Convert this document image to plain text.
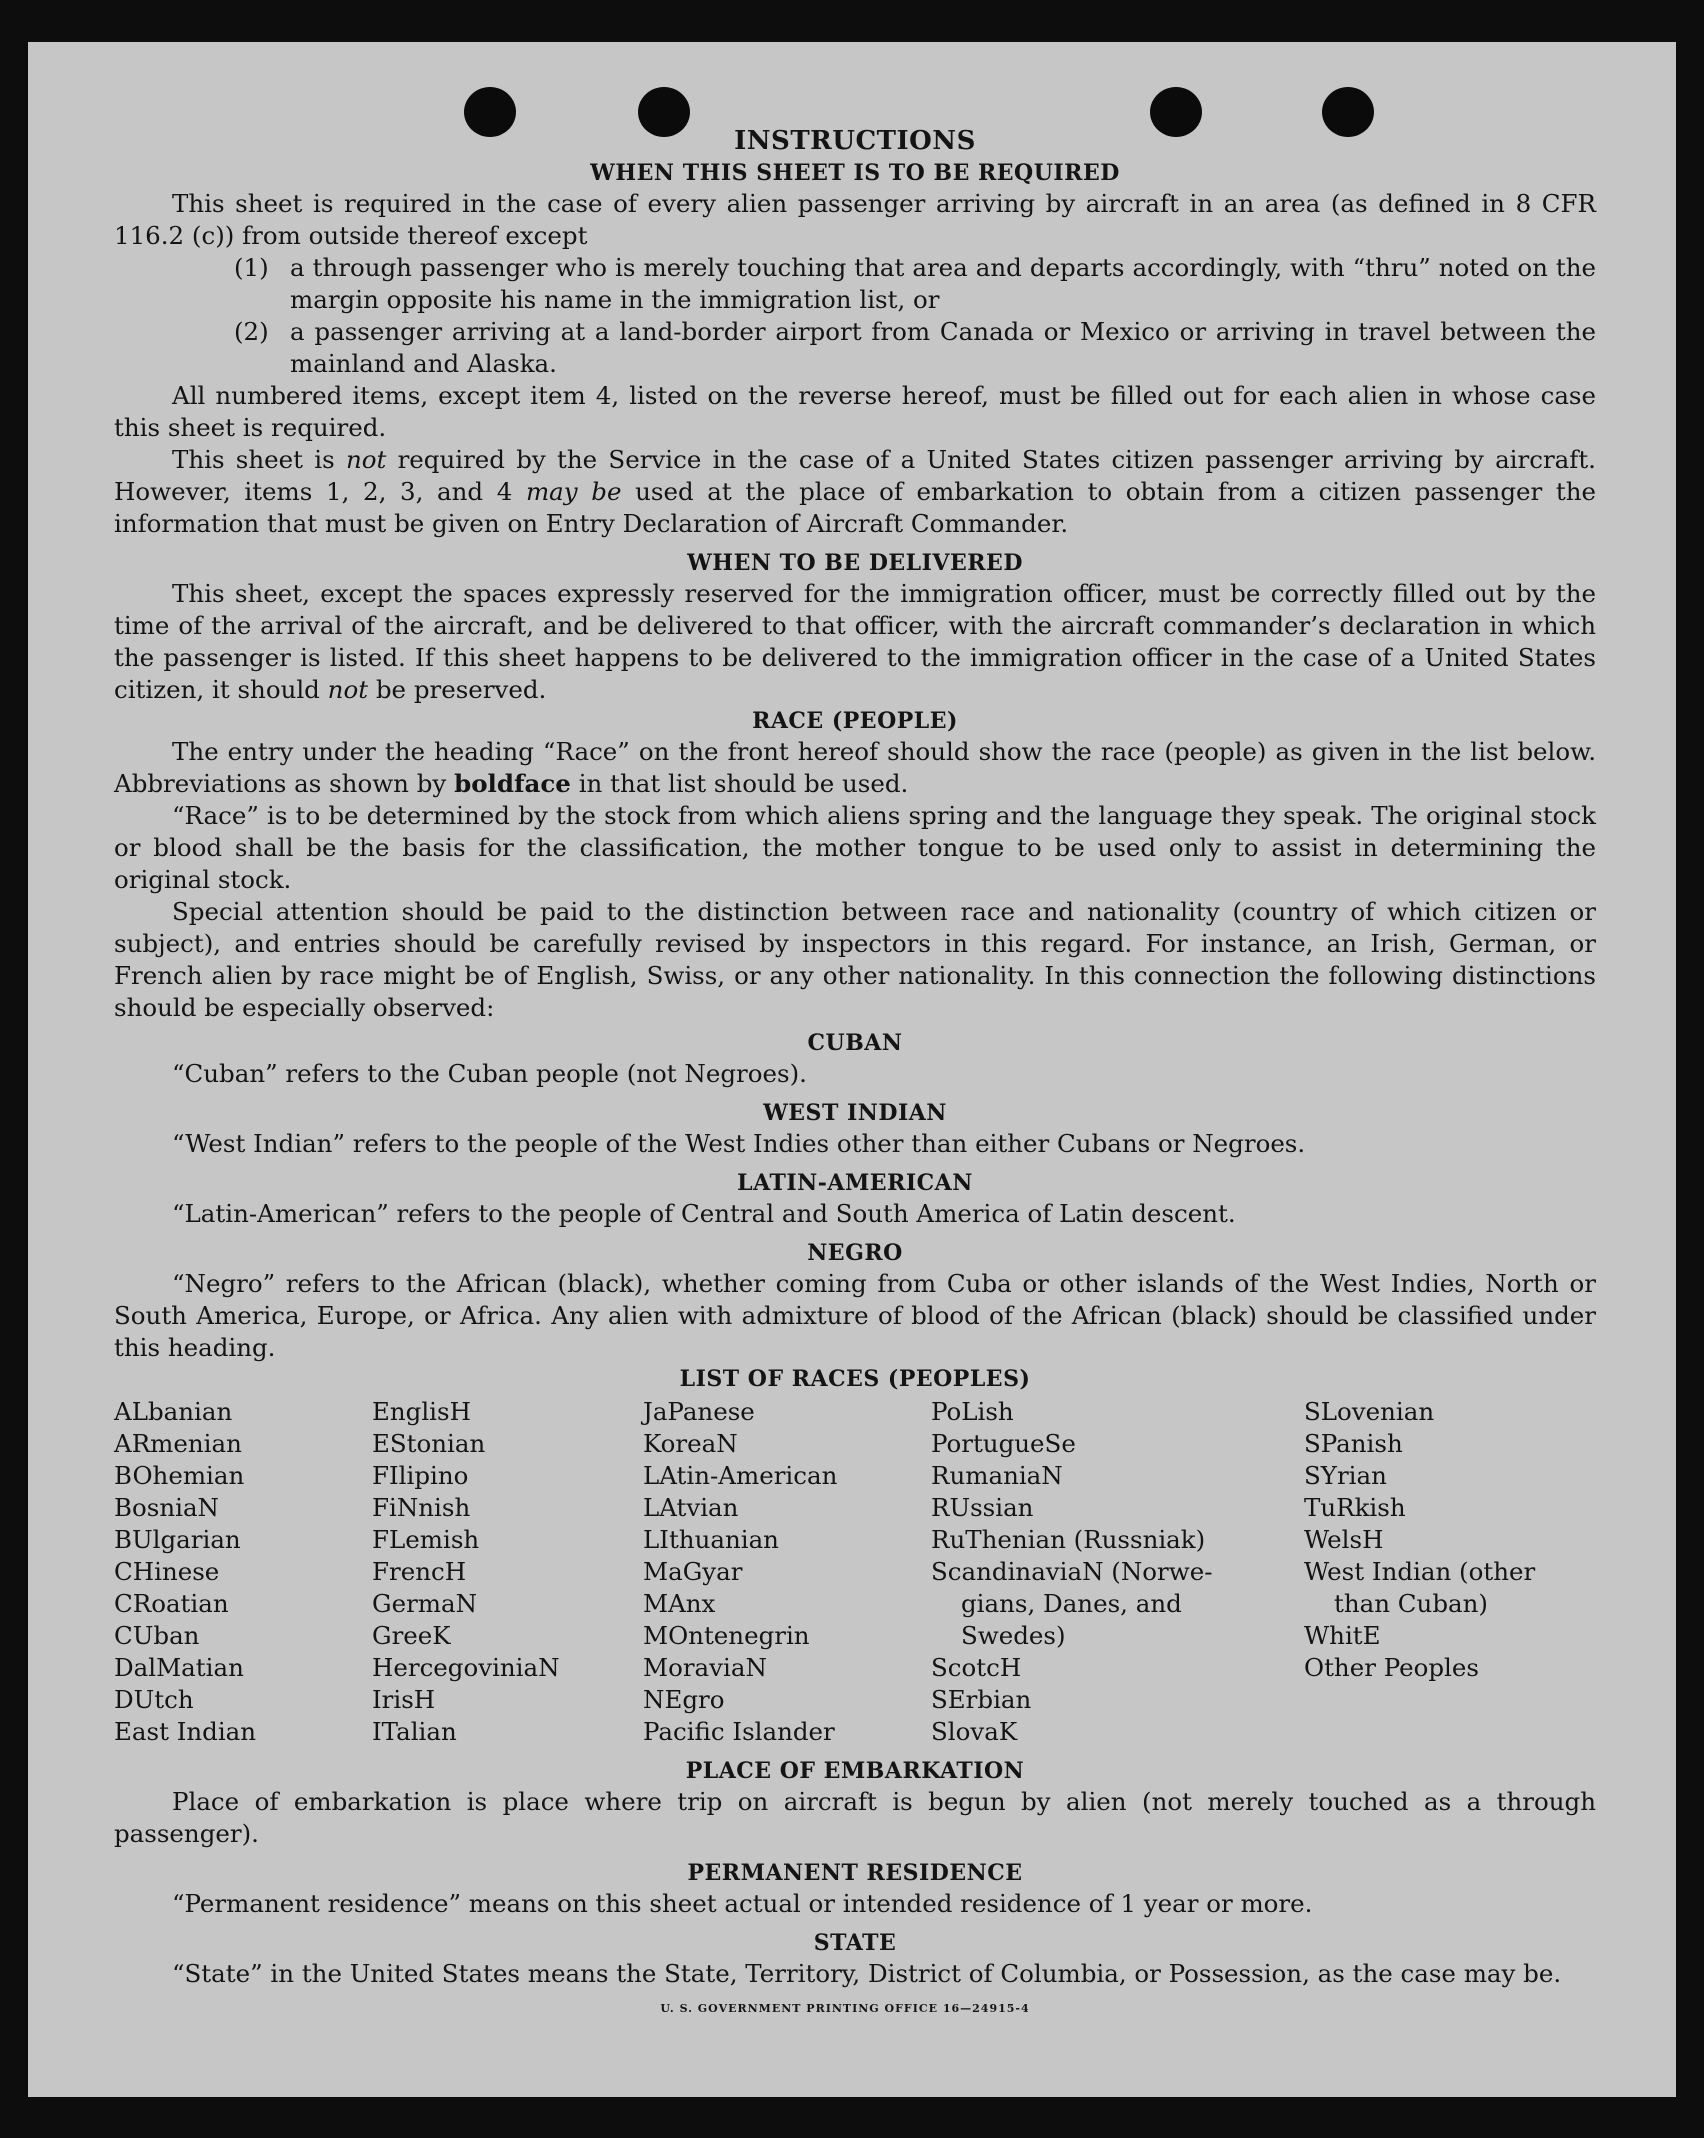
INSTRUCTIONS
WHEN THIS SHEET IS TO BE REQUIRED

This sheet is required in the case of every alien passenger arriving by aircraft in an area (as defined in 8 CFR 116.2 (c)) from outside thereof except

(1) a through passenger who is merely touching that area and departs accordingly, with “thru” noted on the margin opposite his name in the immigration list, or
(2) a passenger arriving at a land-border airport from Canada or Mexico or arriving in travel between the mainland and Alaska.

All numbered items, except item 4, listed on the reverse hereof, must be filled out for each alien in whose case this sheet is required.

This sheet is not required by the Service in the case of a United States citizen passenger arriving by aircraft. However, items 1, 2, 3, and 4 may be used at the place of embarkation to obtain from a citizen passenger the information that must be given on Entry Declaration of Aircraft Commander.

WHEN TO BE DELIVERED

This sheet, except the spaces expressly reserved for the immigration officer, must be correctly filled out by the time of the arrival of the aircraft, and be delivered to that officer, with the aircraft commander’s declaration in which the passenger is listed. If this sheet happens to be delivered to the immigration officer in the case of a United States citizen, it should not be preserved.

RACE (PEOPLE)

The entry under the heading “Race” on the front hereof should show the race (people) as given in the list below. Abbreviations as shown by boldface in that list should be used.

“Race” is to be determined by the stock from which aliens spring and the language they speak. The original stock or blood shall be the basis for the classification, the mother tongue to be used only to assist in determining the original stock.

Special attention should be paid to the distinction between race and nationality (country of which citizen or subject), and entries should be carefully revised by inspectors in this regard. For instance, an Irish, German, or French alien by race might be of English, Swiss, or any other nationality. In this connection the following distinctions should be especially observed:

CUBAN

“Cuban” refers to the Cuban people (not Negroes).

WEST INDIAN

“West Indian” refers to the people of the West Indies other than either Cubans or Negroes.

LATIN-AMERICAN

“Latin-American” refers to the people of Central and South America of Latin descent.

NEGRO

“Negro” refers to the African (black), whether coming from Cuba or other islands of the West Indies, North or South America, Europe, or Africa. Any alien with admixture of blood of the African (black) should be classified under this heading.

LIST OF RACES (PEOPLES)
ALbanian
ARmenian
BOhemian
BosniaN
BUlgarian
CHinese
CRoatian
CUban
DalMatian
DUtch
East Indian
EnglisH
EStonian
FIlipino
FiNnish
FLemish
FrencH
GermaN
GreeK
HercegovinіaN
IrisH
ITalian
JaPanese
KoreaN
LAtin-American
LAtvian
LIthuanian
MaGyar
MAnx
MOntenegrin
MoraviaN
NEgro
Pacific Islander
PoLish
PortugueSe
RumaniaN
RUssian
RuThenian (Russniak)
ScandinaviaN (Norwe-
gians, Danes, and
Swedes)
ScotcH
SErbian
SlovaK
SLovenian
SPanish
SYrian
TuRkish
WelsH
West Indian (other
than Cuban)
WhitE
Other Peoples
PLACE OF EMBARKATION

Place of embarkation is place where trip on aircraft is begun by alien (not merely touched as a through passenger).

PERMANENT RESIDENCE

“Permanent residence” means on this sheet actual or intended residence of 1 year or more.

STATE

“State” in the United States means the State, Territory, District of Columbia, or Possession, as the case may be.

U. S. GOVERNMENT PRINTING OFFICE 16—24915-4
